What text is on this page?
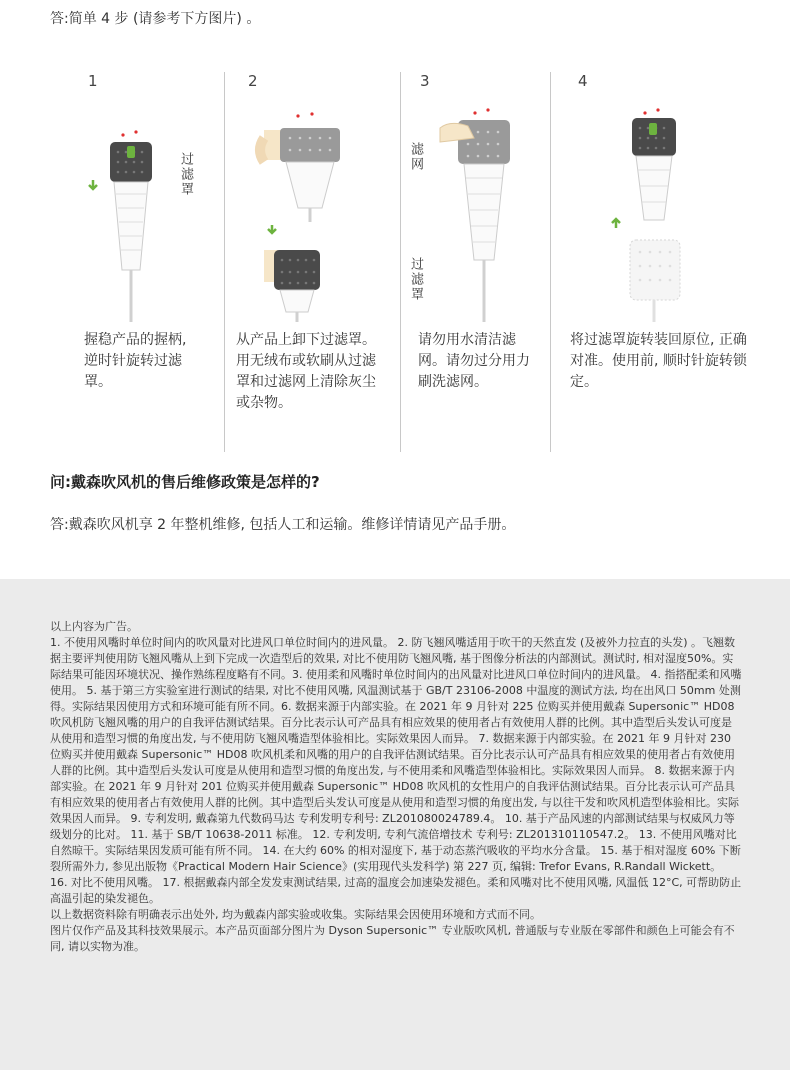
答:简单 4 步 (请参考下方图片) 。

1
过滤罩

握稳产品的握柄, 逆时针旋转过滤罩。

2
滤网
过滤罩

从产品上卸下过滤罩。用无绒布或软刷从过滤罩和过滤网上清除灰尘或杂物。

3

请勿用水清洁滤网。请勿过分用力刷洗滤网。

4

将过滤罩旋转装回原位, 正确对准。使用前, 顺时针旋转锁定。

问:戴森吹风机的售后维修政策是怎样的?

答:戴森吹风机享 2 年整机维修, 包括人工和运输。维修详情请见产品手册。

以上内容为广告。

1. 不使用风嘴时单位时间内的吹风量对比进风口单位时间内的进风量。 2. 防飞翘风嘴适用于吹干的天然直发 (及被外力拉直的头发) 。飞翘数据主要评判使用防飞翘风嘴从上到下完成一次造型后的效果, 对比不使用防飞翘风嘴, 基于图像分析法的内部测试。测试时, 相对湿度50%。实际结果可能因环境状况、操作熟练程度略有不同。3. 使用柔和风嘴时单位时间内的出风量对比进风口单位时间内的进风量。 4. 指搭配柔和风嘴使用。 5. 基于第三方实验室进行测试的结果, 对比不使用风嘴, 风温测试基于 GB/T 23106-2008 中温度的测试方法, 均在出风口 50mm 处测得。实际结果因使用方式和环境可能有所不同。6. 数据来源于内部实验。在 2021 年 9 月针对 225 位购买并使用戴森 Supersonic™ HD08 吹风机防飞翘风嘴的用户的自我评估测试结果。百分比表示认可产品具有相应效果的使用者占有效使用人群的比例。其中造型后头发认可度是从使用和造型习惯的角度出发, 与不使用防飞翘风嘴造型体验相比。实际效果因人而异。 7. 数据来源于内部实验。在 2021 年 9 月针对 230 位购买并使用戴森 Supersonic™ HD08 吹风机柔和风嘴的用户的自我评估测试结果。百分比表示认可产品具有相应效果的使用者占有效使用人群的比例。其中造型后头发认可度是从使用和造型习惯的角度出发, 与不使用柔和风嘴造型体验相比。实际效果因人而异。 8. 数据来源于内部实验。在 2021 年 9 月针对 201 位购买并使用戴森 Supersonic™ HD08 吹风机的女性用户的自我评估测试结果。百分比表示认可产品具有相应效果的使用者占有效使用人群的比例。其中造型后头发认可度是从使用和造型习惯的角度出发, 与以往干发和吹风机造型体验相比。实际效果因人而异。 9. 专利发明, 戴森第九代数码马达 专利发明专利号: ZL201080024789.4。 10. 基于产品风速的内部测试结果与权威风力等级划分的比对。 11. 基于 SB/T 10638-2011 标准。 12. 专利发明, 专利气流倍增技术 专利号: ZL201310110547.2。 13. 不使用风嘴对比自然晾干。实际结果因发质可能有所不同。 14. 在大约 60% 的相对湿度下, 基于动态蒸汽吸收的平均水分含量。 15. 基于相对湿度 60% 下断裂所需外力, 参见出版物《Practical Modern Hair Science》(实用现代头发科学) 第 227 页, 编辑: Trefor Evans, R.Randall Wickett。 16. 对比不使用风嘴。 17. 根据戴森内部全发发束测试结果, 过高的温度会加速染发褪色。柔和风嘴对比不使用风嘴, 风温低 12°C, 可帮助防止高温引起的染发褪色。

以上数据资料除有明确表示出处外, 均为戴森内部实验或收集。实际结果会因使用环境和方式而不同。

图片仅作产品及其科技效果展示。本产品页面部分图片为 Dyson Supersonic™ 专业版吹风机, 普通版与专业版在零部件和颜色上可能会有不同, 请以实物为准。
